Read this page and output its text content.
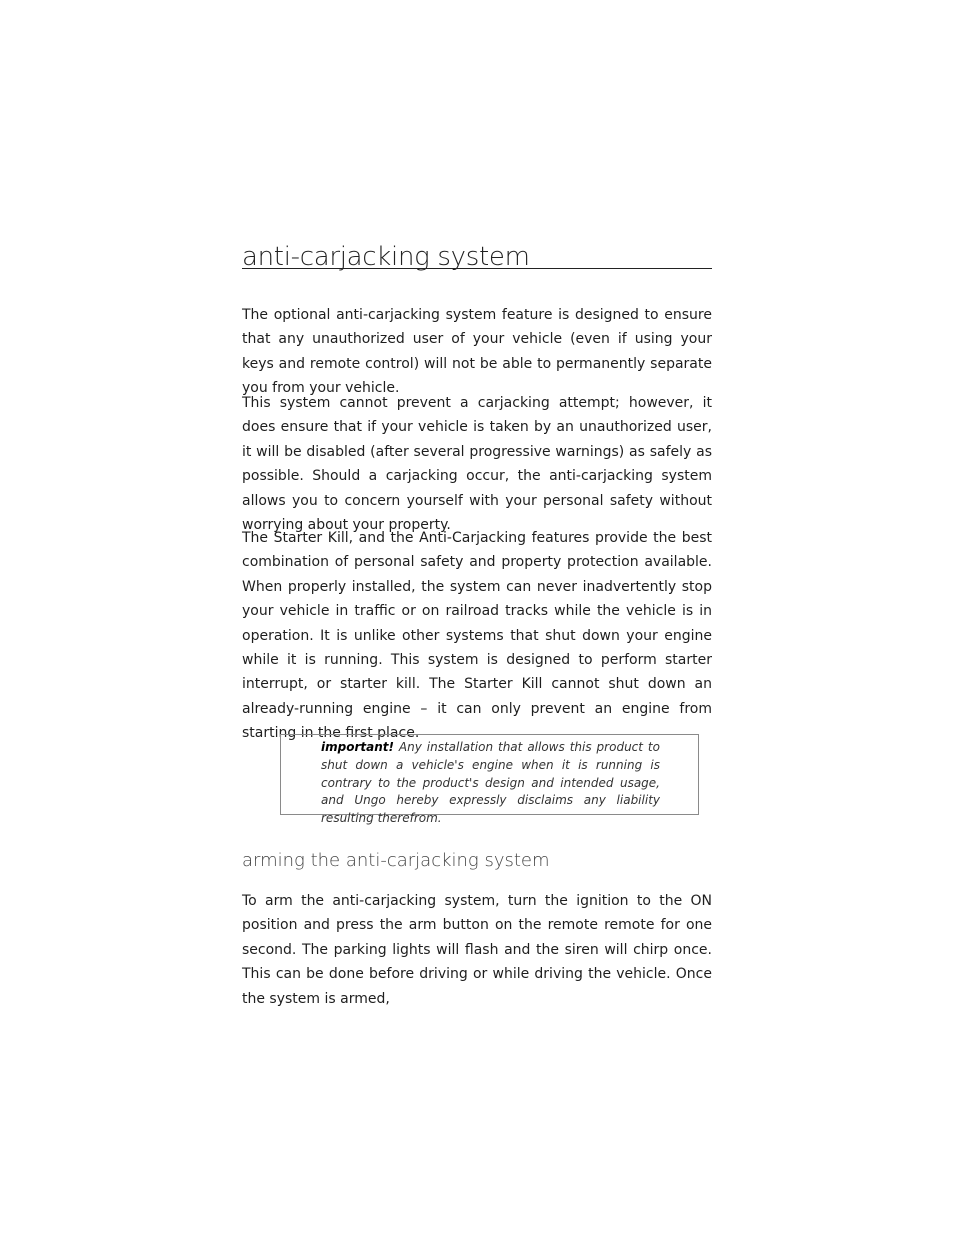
anti-carjacking system

The optional anti-carjacking system feature is designed to ensure that any unauthorized user of your vehicle (even if using your keys and remote control) will not be able to permanently separate you from your vehicle.

This system cannot prevent a carjacking attempt; however, it does ensure that if your vehicle is taken by an unauthorized user, it will be disabled (after several progressive warnings) as safely as possible. Should a carjacking occur, the anti-carjacking system allows you to concern yourself with your personal safety without worrying about your property.

The Starter Kill, and the Anti-Carjacking features provide the best combination of personal safety and property protection available. When properly installed, the system can never inadvertently stop your vehicle in traffic or on railroad tracks while the vehicle is in operation. It is unlike other systems that shut down your engine while it is running. This system is designed to perform starter interrupt, or starter kill. The Starter Kill cannot shut down an already-running engine – it can only prevent an engine from starting in the first place.

important! Any installation that allows this product to shut down a vehicle's engine when it is running is contrary to the product's design and intended usage, and Ungo hereby expressly disclaims any liability resulting therefrom.
arming the anti-carjacking system

To arm the anti-carjacking system, turn the ignition to the ON position and press the arm button on the remote remote for one second. The parking lights will flash and the siren will chirp once. This can be done before driving or while driving the vehicle. Once the system is armed,
